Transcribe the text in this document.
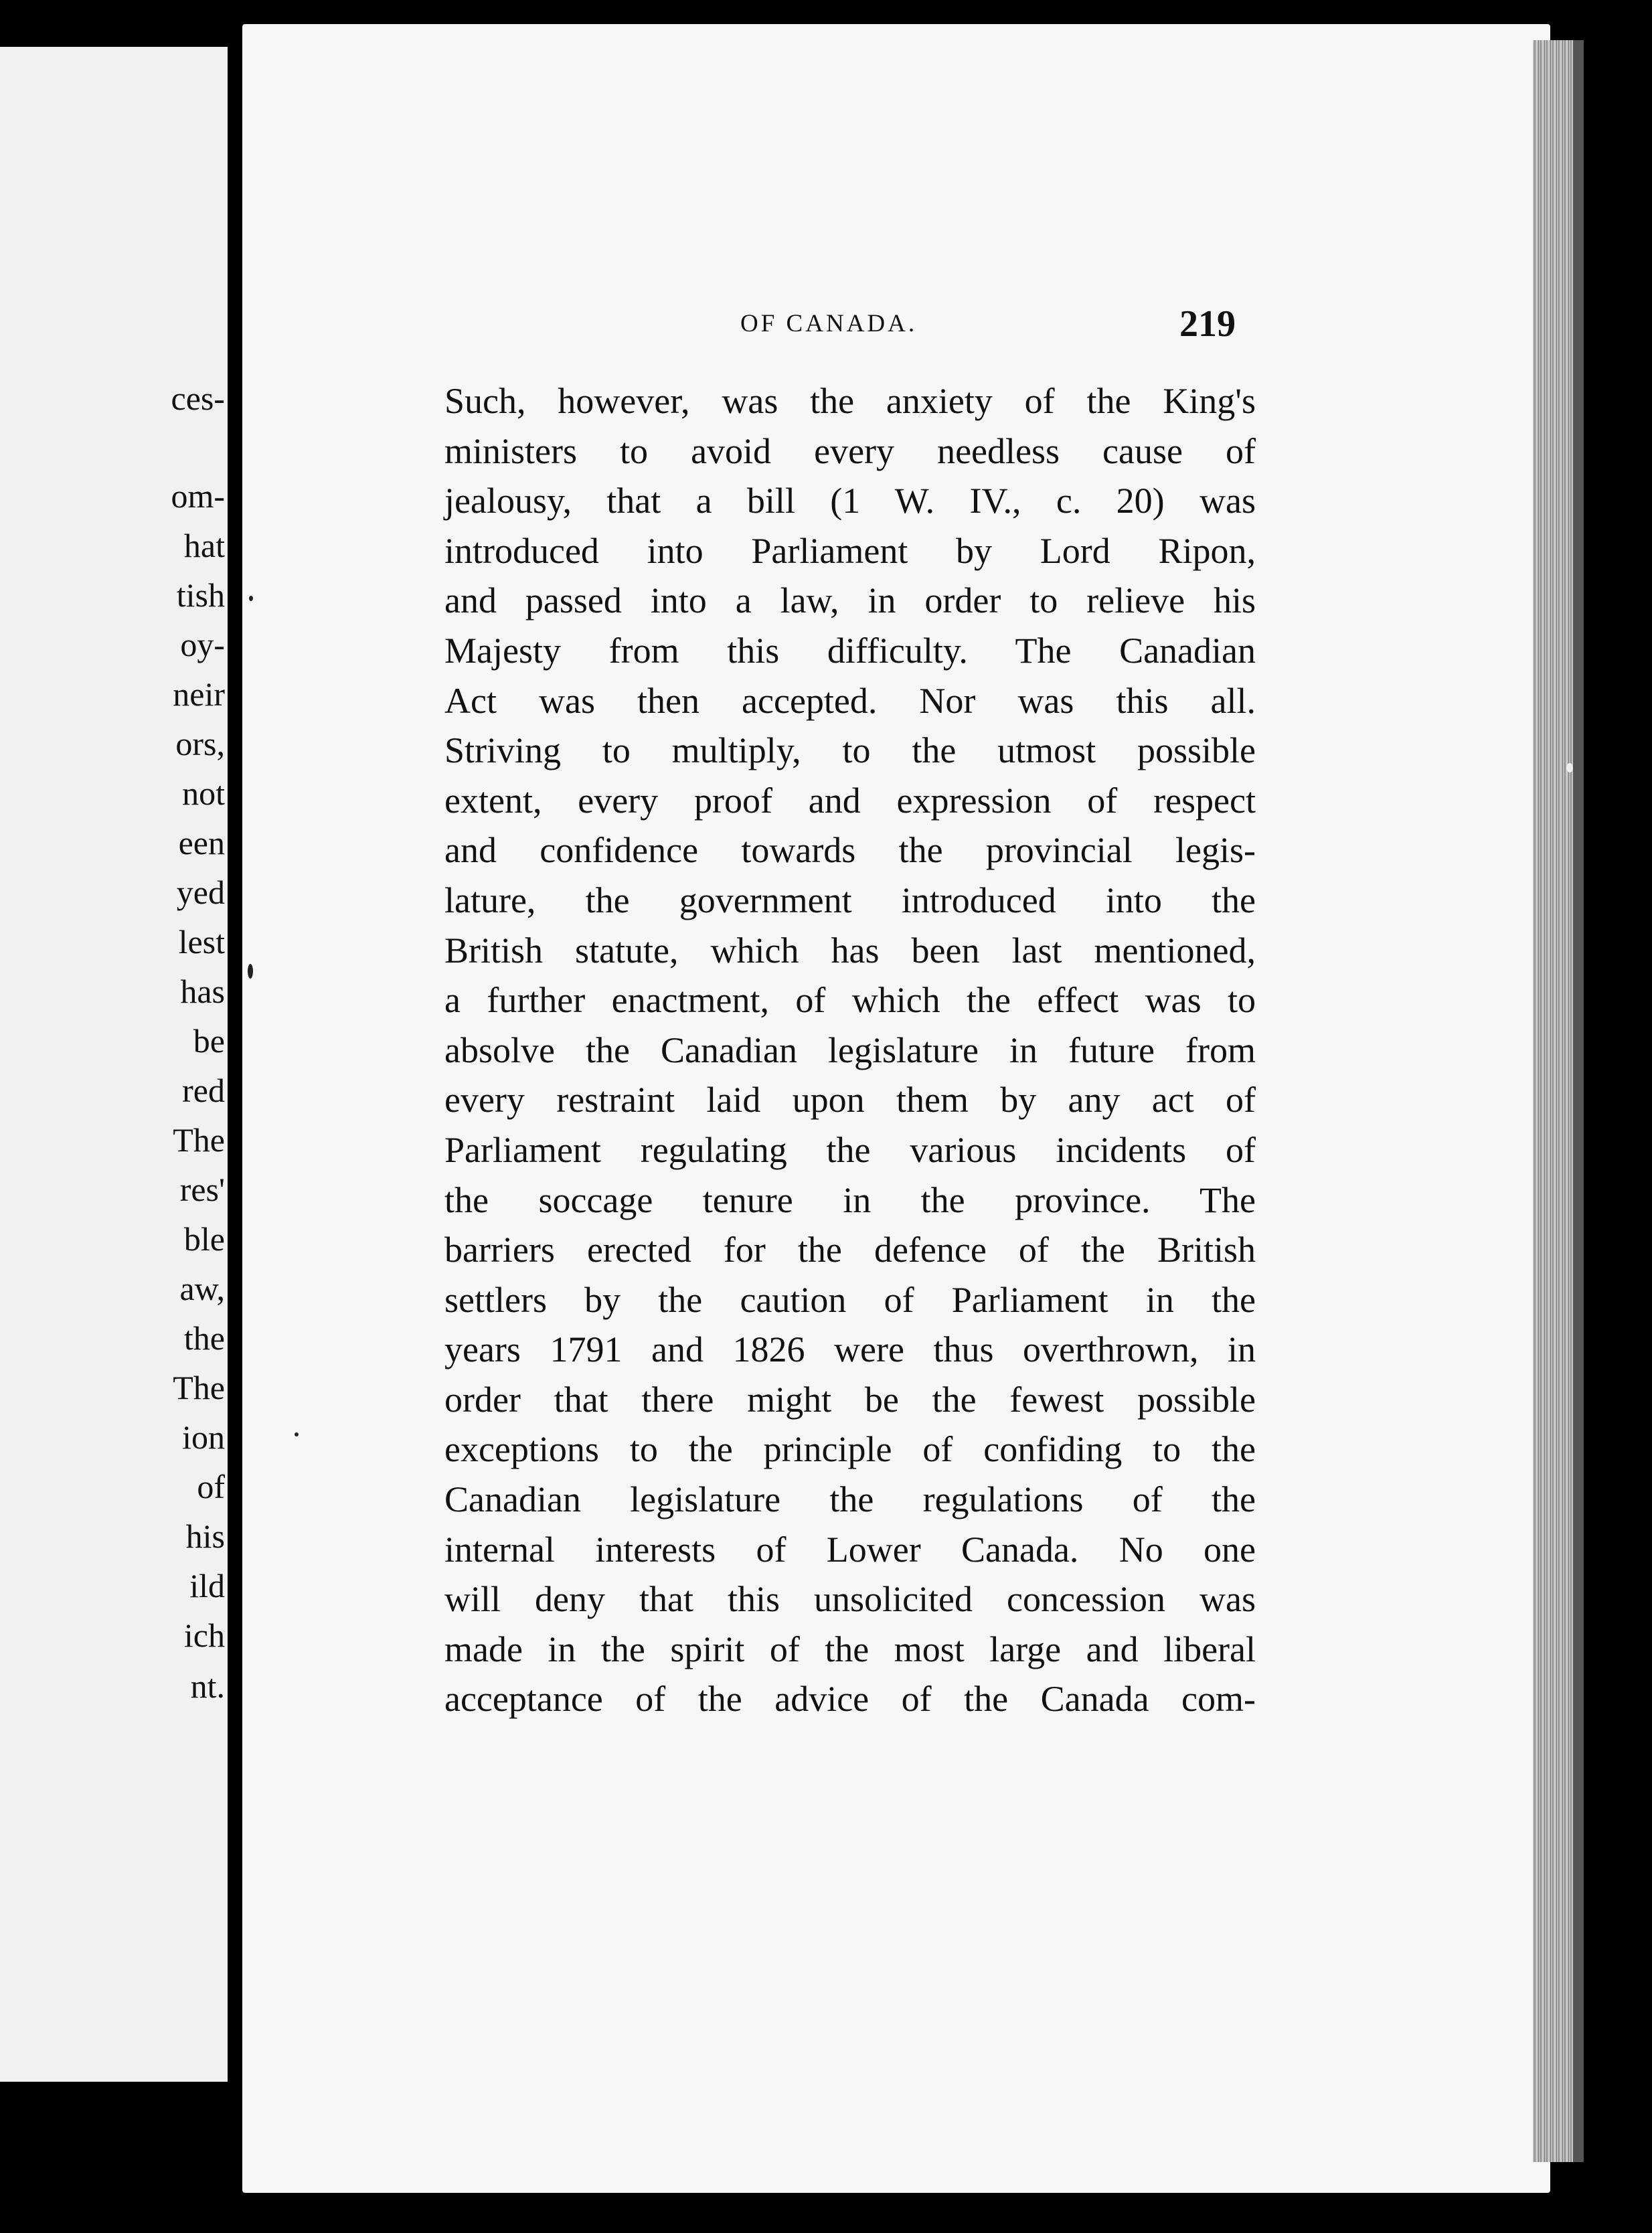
ces-
om-
hat
tish
oy-
neir
ors,
not
een
yed
lest
has
be
red
The
res'
ble
aw,
the
The
ion
of
his
ild
ich
nt.
OF CANADA.	219
Such, however, was the anxiety of the King's
ministers to avoid every needless cause of
jealousy, that a bill (1 W. IV., c. 20) was
introduced into Parliament by Lord Ripon,
and passed into a law, in order to relieve his
Majesty from this difficulty. The Canadian
Act was then accepted. Nor was this all.
Striving to multiply, to the utmost possible
extent, every proof and expression of respect
and confidence towards the provincial legis-
lature, the government introduced into the
British statute, which has been last mentioned,
a further enactment, of which the effect was to
absolve the Canadian legislature in future from
every restraint laid upon them by any act of
Parliament regulating the various incidents of
the soccage tenure in the province. The
barriers erected for the defence of the British
settlers by the caution of Parliament in the
years 1791 and 1826 were thus overthrown, in
order that there might be the fewest possible
exceptions to the principle of confiding to the
Canadian legislature the regulations of the
internal interests of Lower Canada. No one
will deny that this unsolicited concession was
made in the spirit of the most large and liberal
acceptance of the advice of the Canada com-
